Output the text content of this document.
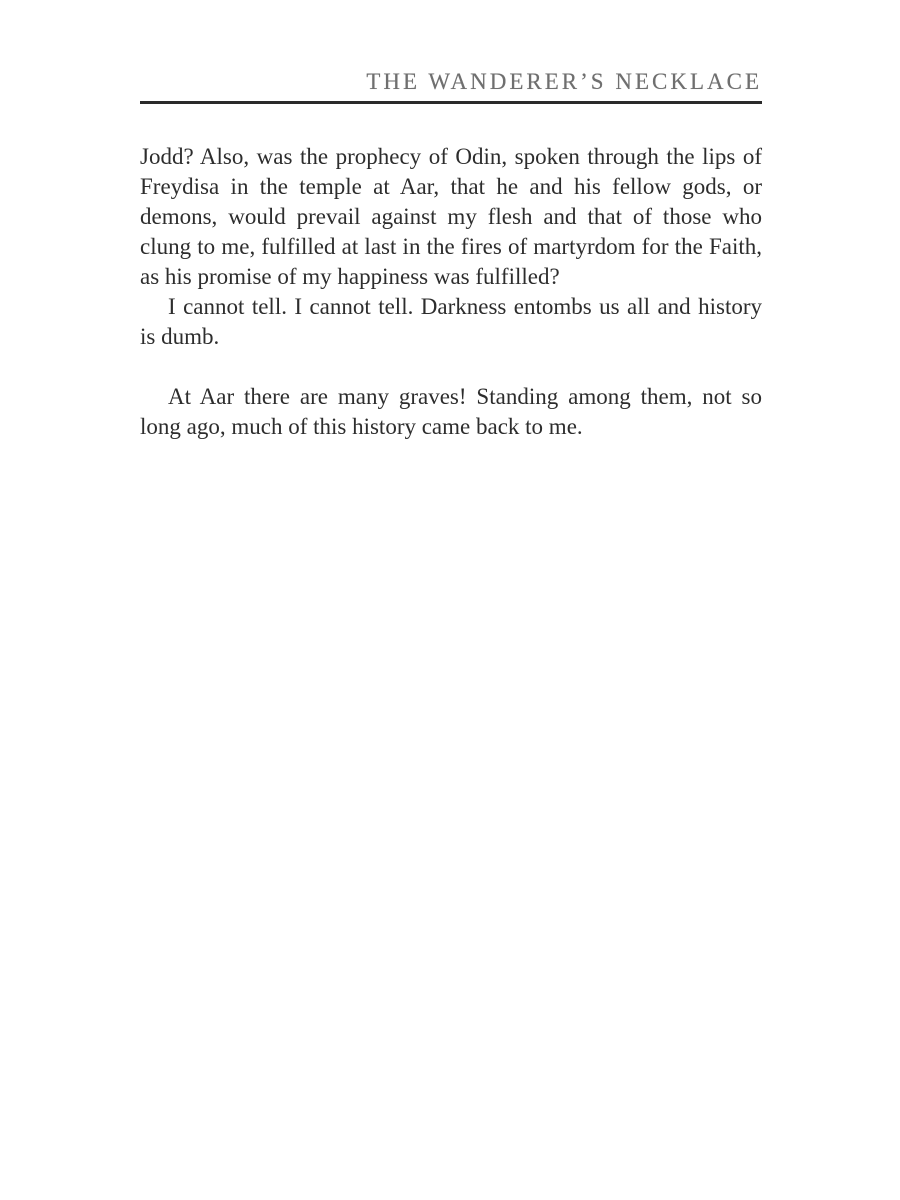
THE WANDERER’S NECKLACE

Jodd? Also, was the prophecy of Odin, spoken through the lips of Freydisa in the temple at Aar, that he and his fellow gods, or demons, would prevail against my flesh and that of those who clung to me, fulfilled at last in the fires of martyrdom for the Faith, as his promise of my happiness was fulfilled?

I cannot tell. I cannot tell. Darkness entombs us all and history is dumb.

At Aar there are many graves! Standing among them, not so long ago, much of this history came back to me.
